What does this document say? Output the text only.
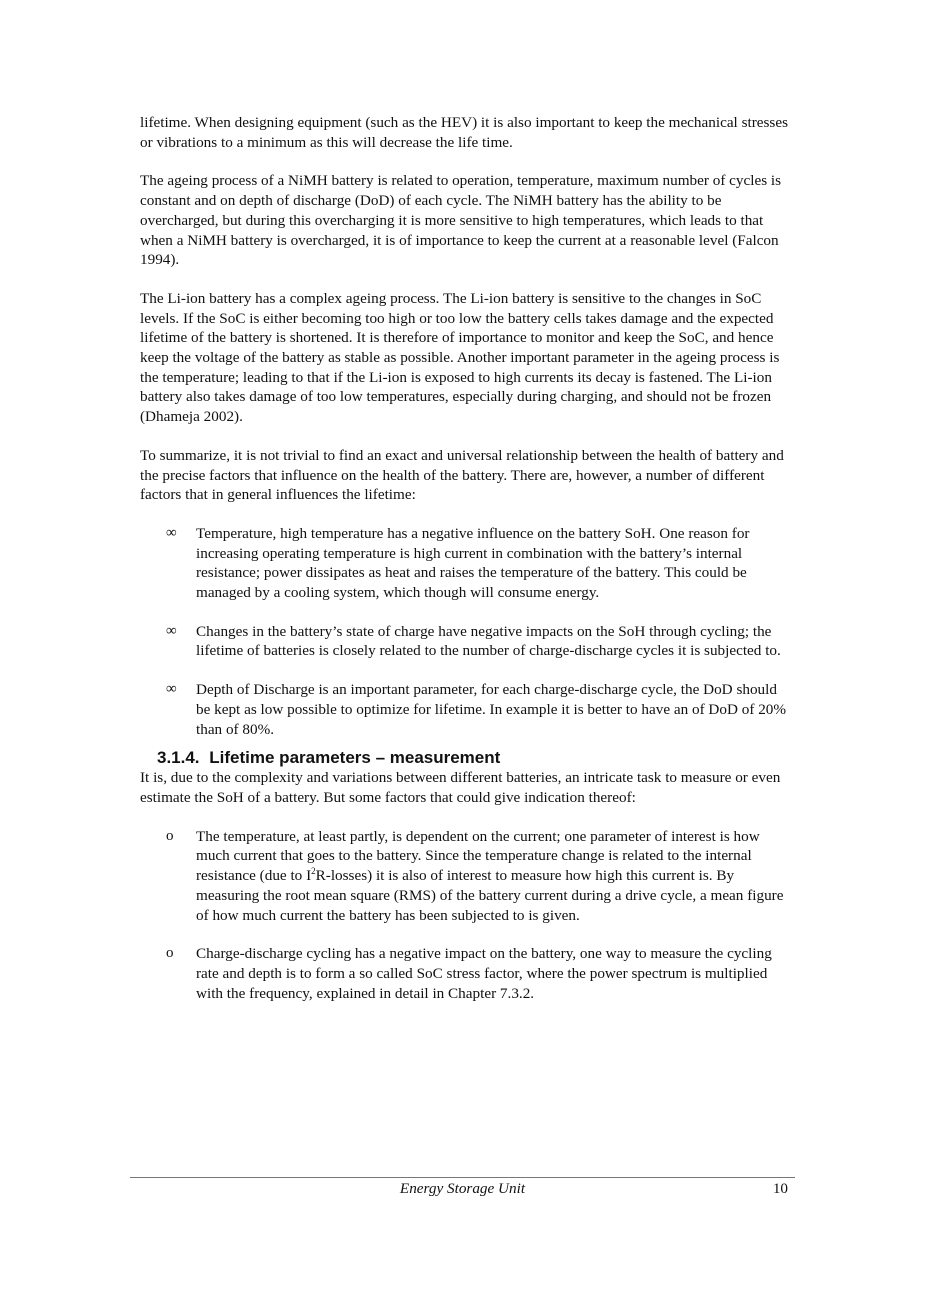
lifetime. When designing equipment (such as the HEV) it is also important to keep the mechanical stresses or vibrations to a minimum as this will decrease the life time.

The ageing process of a NiMH battery is related to operation, temperature, maximum number of cycles is constant and on depth of discharge (DoD) of each cycle. The NiMH battery has the ability to be overcharged, but during this overcharging it is more sensitive to high temperatures, which leads to that when a NiMH battery is overcharged, it is of importance to keep the current at a reasonable level (Falcon 1994).

The Li-ion battery has a complex ageing process. The Li-ion battery is sensitive to the changes in SoC levels. If the SoC is either becoming too high or too low the battery cells takes damage and the expected lifetime of the battery is shortened. It is therefore of importance to monitor and keep the SoC, and hence keep the voltage of the battery as stable as possible. Another important parameter in the ageing process is the temperature; leading to that if the Li-ion is exposed to high currents its decay is fastened. The Li-ion battery also takes damage of too low temperatures, especially during charging, and should not be frozen (Dhameja 2002).

To summarize, it is not trivial to find an exact and universal relationship between the health of battery and the precise factors that influence on the health of the battery. There are, however, a number of different factors that in general influences the lifetime:

∞	Temperature, high temperature has a negative influence on the battery SoH. One reason for increasing operating temperature is high current in combination with the battery’s internal resistance; power dissipates as heat and raises the temperature of the battery. This could be managed by a cooling system, which though will consume energy.
∞	Changes in the battery’s state of charge have negative impacts on the SoH through cycling; the lifetime of batteries is closely related to the number of charge-discharge cycles it is subjected to.
∞	Depth of Discharge is an important parameter, for each charge-discharge cycle, the DoD should be kept as low possible to optimize for lifetime. In example it is better to have an of DoD of 20% than of 80%.
3.1.4. Lifetime parameters – measurement

It is, due to the complexity and variations between different batteries, an intricate task to measure or even estimate the SoH of a battery. But some factors that could give indication thereof:

o	The temperature, at least partly, is dependent on the current; one parameter of interest is how much current that goes to the battery. Since the temperature change is related to the internal resistance (due to $I^2R-losses$) it is also of interest to measure how high this current is. By measuring the root mean square (RMS) of the battery current during a drive cycle, a mean figure of how much current the battery has been subjected to is given.
o	Charge-discharge cycling has a negative impact on the battery, one way to measure the cycling rate and depth is to form a so called SoC stress factor, where the power spectrum is multiplied with the frequency, explained in detail in Chapter 7.3.2.
Energy Storage Unit	10
